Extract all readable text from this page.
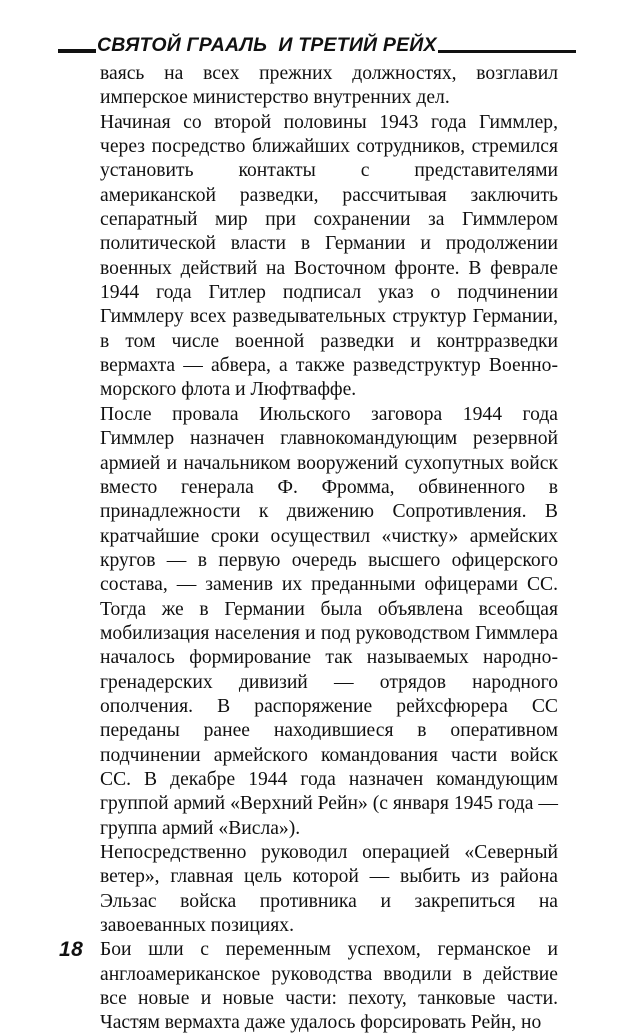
СВЯТОЙ ГРААЛЬ  И ТРЕТИЙ РЕЙХ

ваясь на всех прежних должностях, возглавил имперское министерство внутренних дел.

Начиная со второй половины 1943 года Гиммлер, через посредство ближайших сотрудников, стремился установить контакты с представителями американской разведки, рассчитывая заключить сепаратный мир при сохранении за Гиммлером политической власти в Германии и продолжении военных действий на Восточном фронте. В феврале 1944 года Гитлер подписал указ о подчинении Гиммлеру всех разведывательных структур Германии, в том числе военной разведки и контрразведки вермахта — абвера, а также разведструктур Военно-морского флота и Люфтваффе.

После провала Июльского заговора 1944 года Гиммлер назначен главнокомандующим резервной армией и начальником вооружений сухопутных войск вместо генерала Ф. Фромма, обвиненного в принадлежности к движению Сопротивления. В кратчайшие сроки осуществил «чистку» армейских кругов — в первую очередь высшего офицерского состава, — заменив их преданными офицерами СС. Тогда же в Германии была объявлена всеобщая мобилизация населения и под руководством Гиммлера началось формирование так называемых народно-гренадерских дивизий — отрядов народного ополчения. В распоряжение рейхсфюрера СС переданы ранее находившиеся в оперативном подчинении армейского командования части войск СС. В декабре 1944 года назначен командующим группой армий «Верхний Рейн» (с января 1945 года — группа армий «Висла»).

Непосредственно руководил операцией «Северный ветер», главная цель которой — выбить из района Эльзас войска противника и закрепиться на завоеванных позициях.

Бои шли с переменным успехом, германское и англоамериканское руководства вводили в действие все новые и новые части: пехоту, танковые части. Частям вермахта даже удалось форсировать Рейн, но

18
